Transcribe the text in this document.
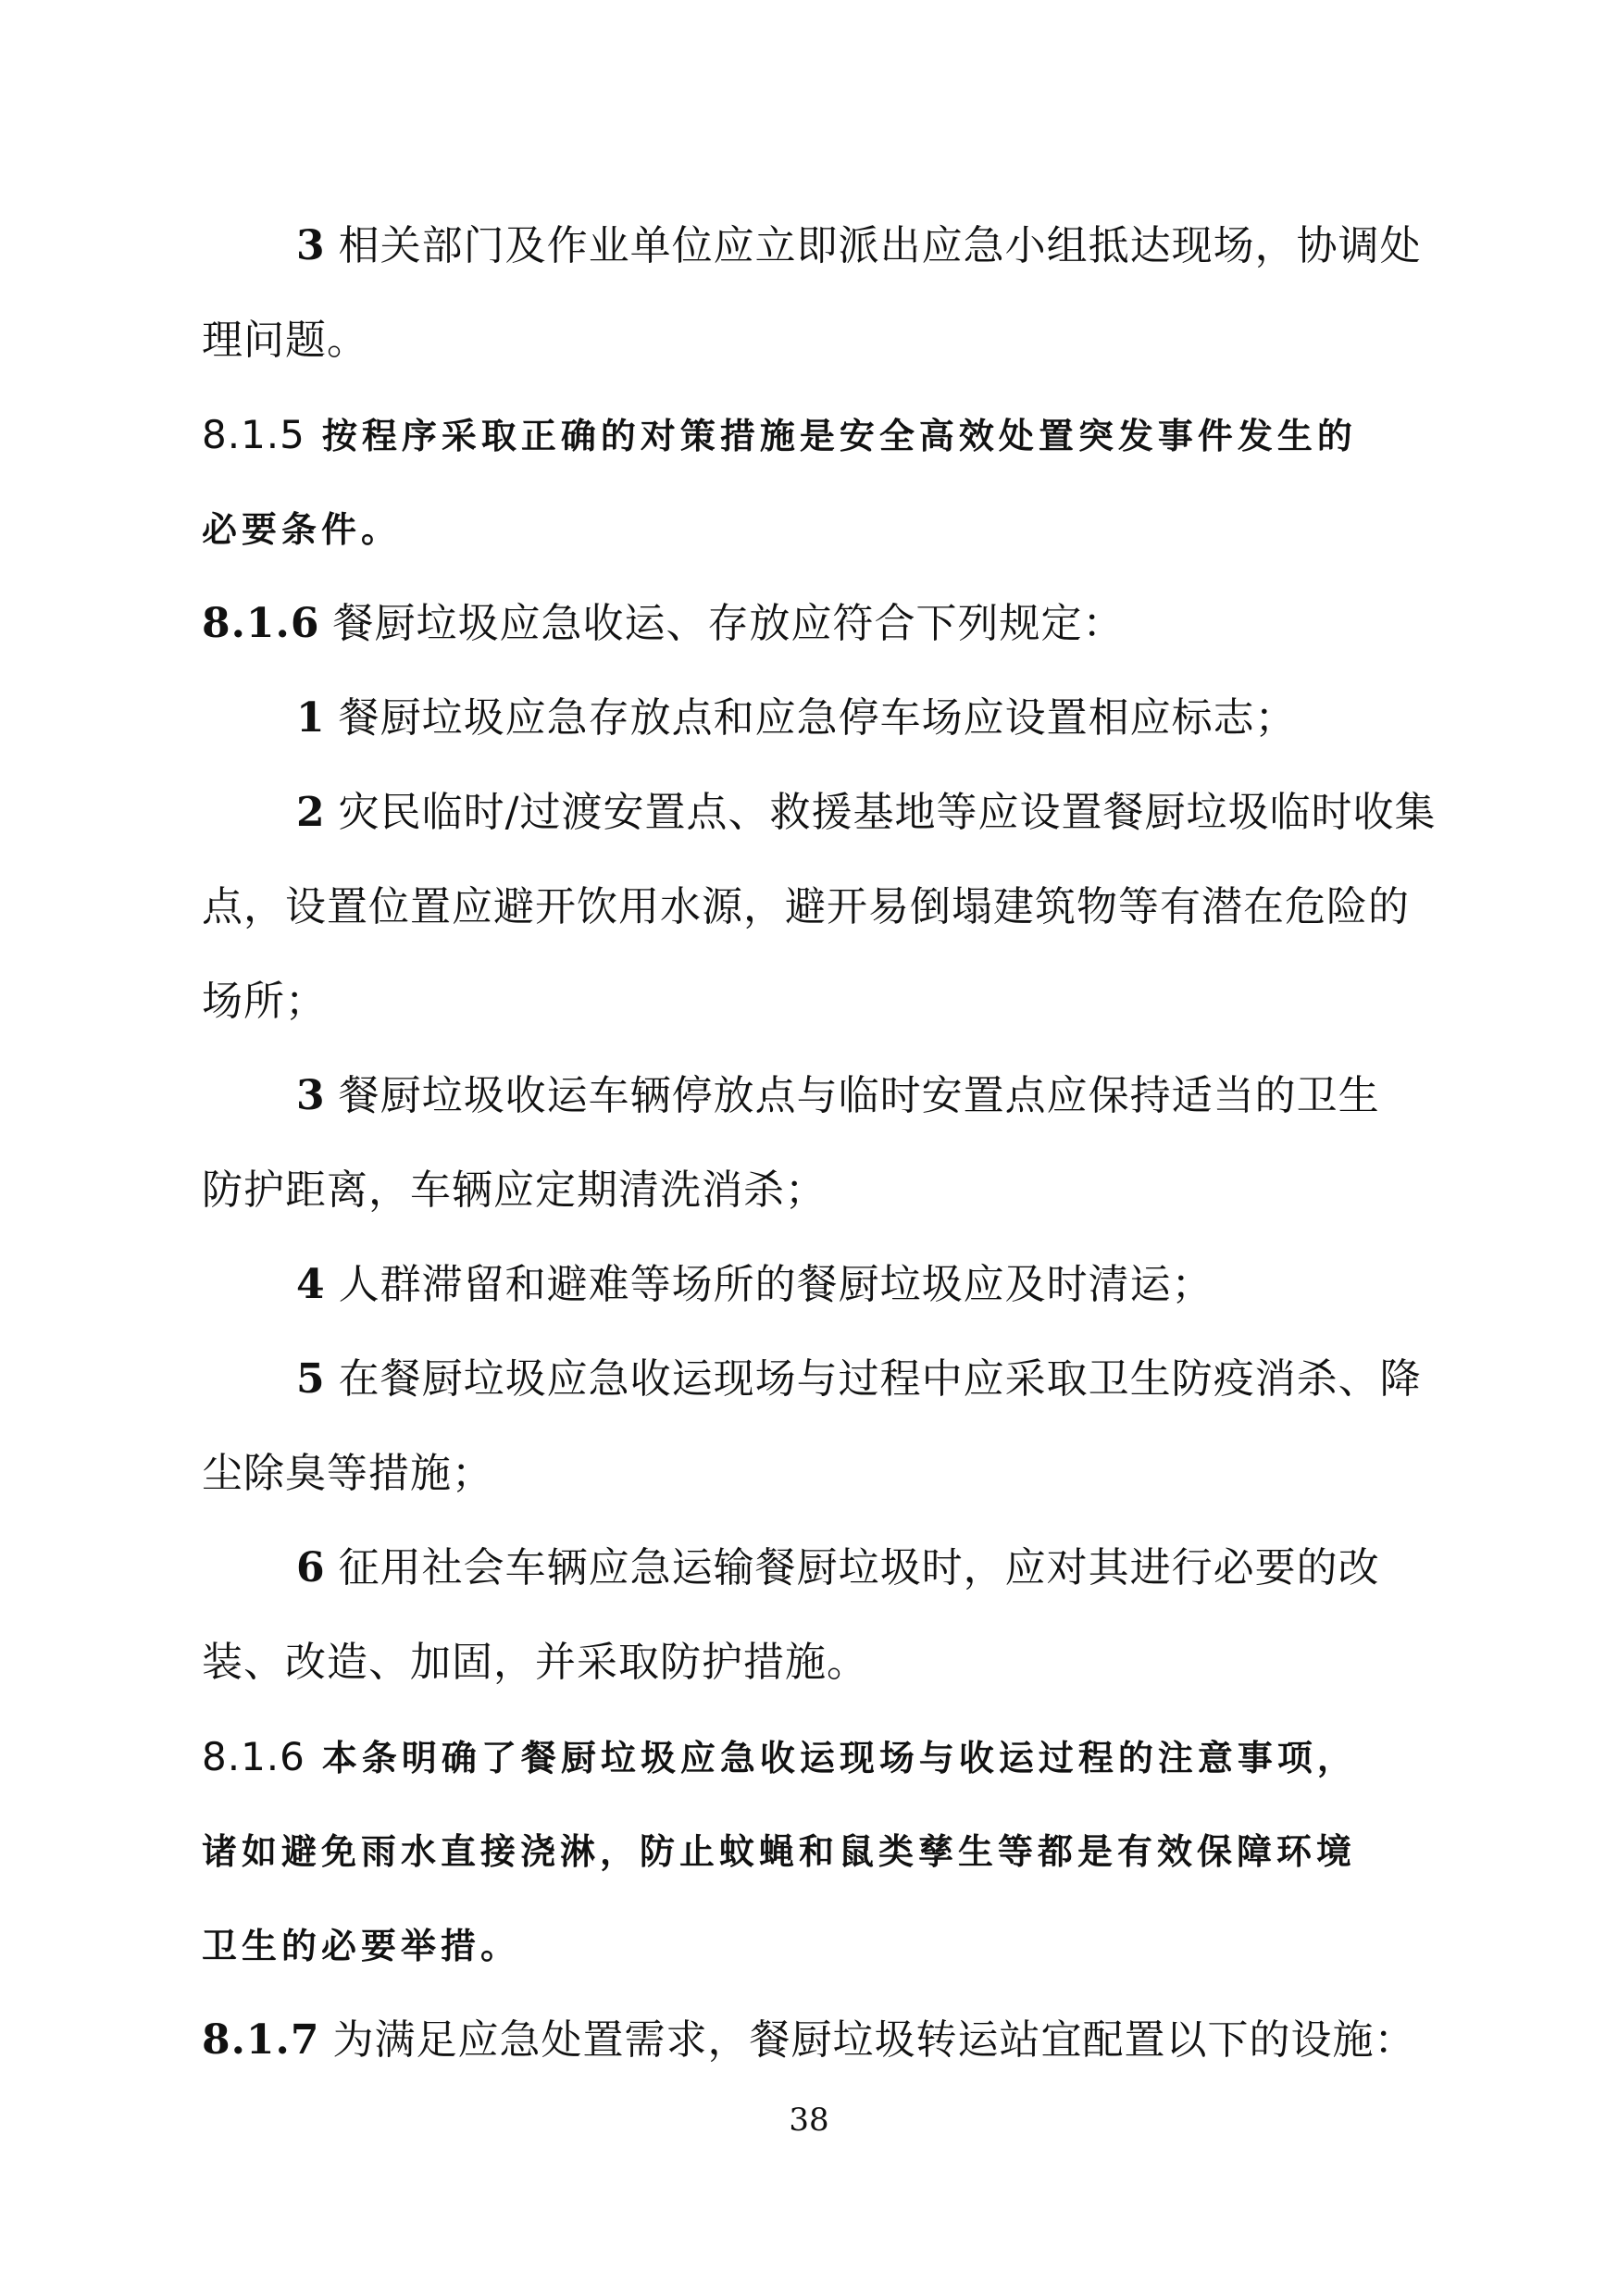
3 相关部门及作业单位应立即派出应急小组抵达现场，协调处
理问题。
8.1.5 按程序采取正确的对策措施是安全高效处置突发事件发生的
必要条件。
8.1.6 餐厨垃圾应急收运、存放应符合下列规定：
1 餐厨垃圾应急存放点和应急停车场应设置相应标志；
2 灾民临时/过渡安置点、救援基地等应设置餐厨垃圾临时收集
点，设置位置应避开饮用水源，避开易倒塌建筑物等有潜在危险的
场所；
3 餐厨垃圾收运车辆停放点与临时安置点应保持适当的卫生
防护距离，车辆应定期清洗消杀；
4 人群滞留和避难等场所的餐厨垃圾应及时清运；
5 在餐厨垃圾应急收运现场与过程中应采取卫生防疫消杀、降
尘除臭等措施；
6 征用社会车辆应急运输餐厨垃圾时，应对其进行必要的改
装、改造、加固，并采取防护措施。
8.1.6 本条明确了餐厨垃圾应急收运现场与收运过程的注意事项，
诸如避免雨水直接浇淋，防止蚊蝇和鼠类孳生等都是有效保障环境
卫生的必要举措。
8.1.7 为满足应急处置需求，餐厨垃圾转运站宜配置以下的设施：
38
